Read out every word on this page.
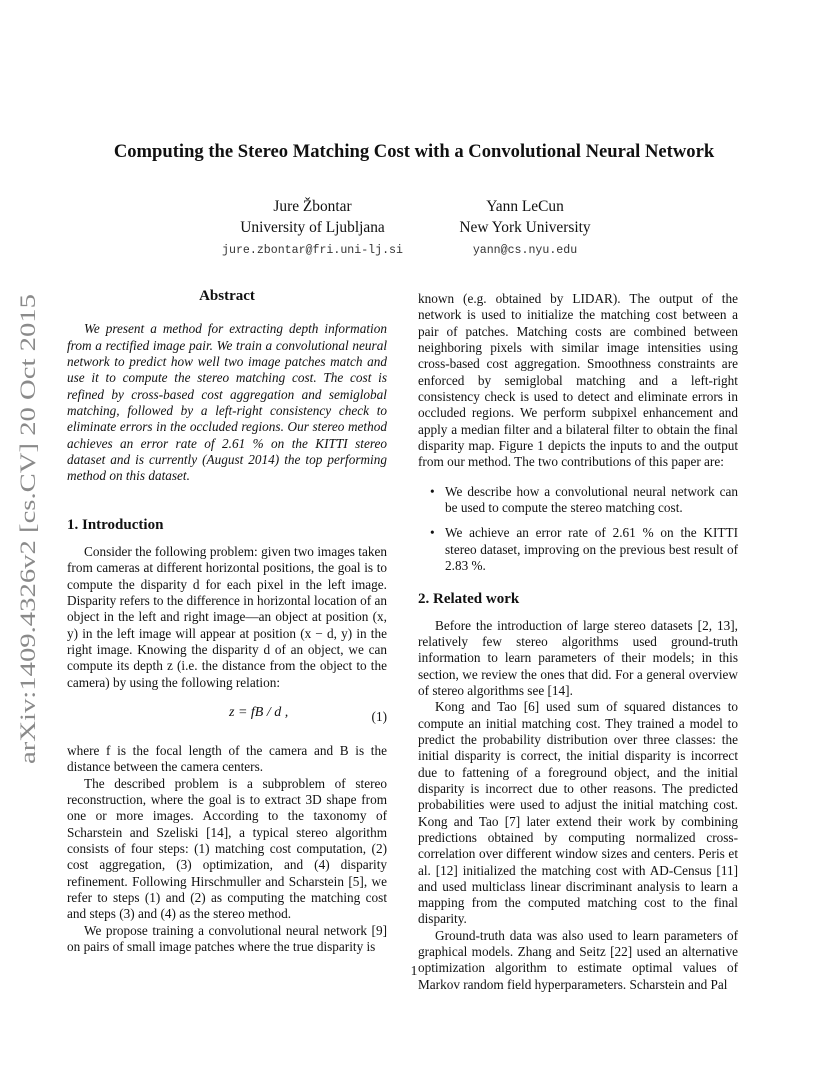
arXiv:1409.4326v2 [cs.CV] 20 Oct 2015
Computing the Stereo Matching Cost with a Convolutional Neural Network
Jure Žbontar
University of Ljubljana
jure.zbontar@fri.uni-lj.si
Yann LeCun
New York University
yann@cs.nyu.edu
Abstract

We present a method for extracting depth information from a rectified image pair. We train a convolutional neural network to predict how well two image patches match and use it to compute the stereo matching cost. The cost is refined by cross-based cost aggregation and semiglobal matching, followed by a left-right consistency check to eliminate errors in the occluded regions. Our stereo method achieves an error rate of 2.61 % on the KITTI stereo dataset and is currently (August 2014) the top performing method on this dataset.

1. Introduction

Consider the following problem: given two images taken from cameras at different horizontal positions, the goal is to compute the disparity d for each pixel in the left image. Disparity refers to the difference in horizontal location of an object in the left and right image—an object at position (x, y) in the left image will appear at position (x − d, y) in the right image. Knowing the disparity d of an object, we can compute its depth z (i.e. the distance from the object to the camera) by using the following relation:

z = fB / d ,	(1)

where f is the focal length of the camera and B is the distance between the camera centers.

The described problem is a subproblem of stereo reconstruction, where the goal is to extract 3D shape from one or more images. According to the taxonomy of Scharstein and Szeliski [14], a typical stereo algorithm consists of four steps: (1) matching cost computation, (2) cost aggregation, (3) optimization, and (4) disparity refinement. Following Hirschmuller and Scharstein [5], we refer to steps (1) and (2) as computing the matching cost and steps (3) and (4) as the stereo method.

We propose training a convolutional neural network [9] on pairs of small image patches where the true disparity is

known (e.g. obtained by LIDAR). The output of the network is used to initialize the matching cost between a pair of patches. Matching costs are combined between neighboring pixels with similar image intensities using cross-based cost aggregation. Smoothness constraints are enforced by semiglobal matching and a left-right consistency check is used to detect and eliminate errors in occluded regions. We perform subpixel enhancement and apply a median filter and a bilateral filter to obtain the final disparity map. Figure 1 depicts the inputs to and the output from our method. The two contributions of this paper are:

• We describe how a convolutional neural network can be used to compute the stereo matching cost.
• We achieve an error rate of 2.61 % on the KITTI stereo dataset, improving on the previous best result of 2.83 %.
2. Related work

Before the introduction of large stereo datasets [2, 13], relatively few stereo algorithms used ground-truth information to learn parameters of their models; in this section, we review the ones that did. For a general overview of stereo algorithms see [14].

Kong and Tao [6] used sum of squared distances to compute an initial matching cost. They trained a model to predict the probability distribution over three classes: the initial disparity is correct, the initial disparity is incorrect due to fattening of a foreground object, and the initial disparity is incorrect due to other reasons. The predicted probabilities were used to adjust the initial matching cost. Kong and Tao [7] later extend their work by combining predictions obtained by computing normalized cross-correlation over different window sizes and centers. Peris et al. [12] initialized the matching cost with AD-Census [11] and used multiclass linear discriminant analysis to learn a mapping from the computed matching cost to the final disparity.

Ground-truth data was also used to learn parameters of graphical models. Zhang and Seitz [22] used an alternative optimization algorithm to estimate optimal values of Markov random field hyperparameters. Scharstein and Pal

1
